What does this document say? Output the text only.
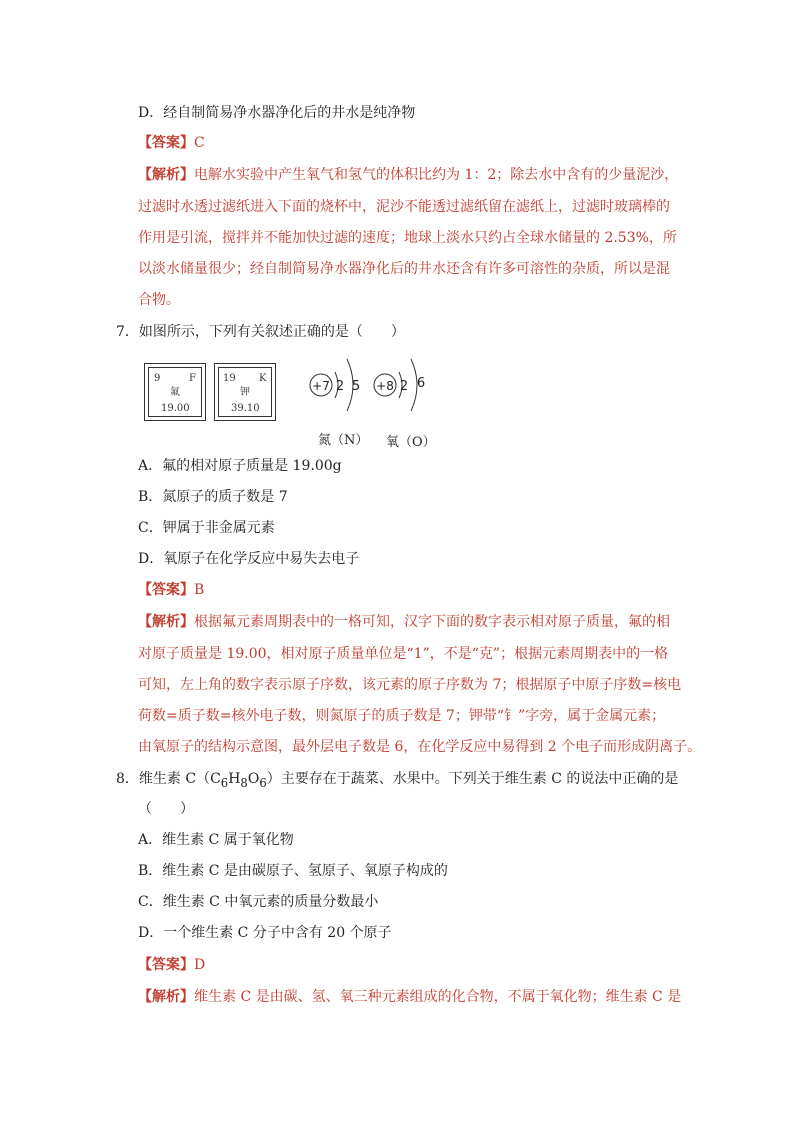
D．经自制简易净水器净化后的井水是纯净物
【答案】C
【解析】电解水实验中产生氧气和氢气的体积比约为 1：2；除去水中含有的少量泥沙，
过滤时水透过滤纸进入下面的烧杯中，泥沙不能透过滤纸留在滤纸上，过滤时玻璃棒的
作用是引流，搅拌并不能加快过滤的速度；地球上淡水只约占全球水储量的 2.53%，所
以淡水储量很少；经自制简易净水器净化后的井水还含有许多可溶性的杂质，所以是混
合物。
7．如图所示，下列有关叙述正确的是（　　）
9	F
氟
19.00
19 K
钾
39.10
+7 2 5 +8 2 6
氮（N） 氧（O）
A．氟的相对原子质量是 19.00g
B．氮原子的质子数是 7
C．钾属于非金属元素
D．氧原子在化学反应中易失去电子
【答案】B
【解析】根据氟元素周期表中的一格可知，汉字下面的数字表示相对原子质量，氟的相
对原子质量是 19.00，相对原子质量单位是“1”，不是“克”；根据元素周期表中的一格
可知，左上角的数字表示原子序数，该元素的原子序数为 7；根据原子中原子序数=核电
荷数=质子数=核外电子数，则氮原子的质子数是 7；钾带“钅”字旁，属于金属元素；
由氧原子的结构示意图，最外层电子数是 6，在化学反应中易得到 2 个电子而形成阴离子。
8．维生素 $C(C_6H_8O_6)$主要存在于蔬菜、水果中。下列关于维生素 C 的说法中正确的是
（　　）
A．维生素 C 属于氧化物
B．维生素 C 是由碳原子、氢原子、氧原子构成的
C．维生素 C 中氧元素的质量分数最小
D．一个维生素 C 分子中含有 20 个原子
【答案】D
【解析】维生素 C 是由碳、氢、氧三种元素组成的化合物，不属于氧化物；维生素 C 是
